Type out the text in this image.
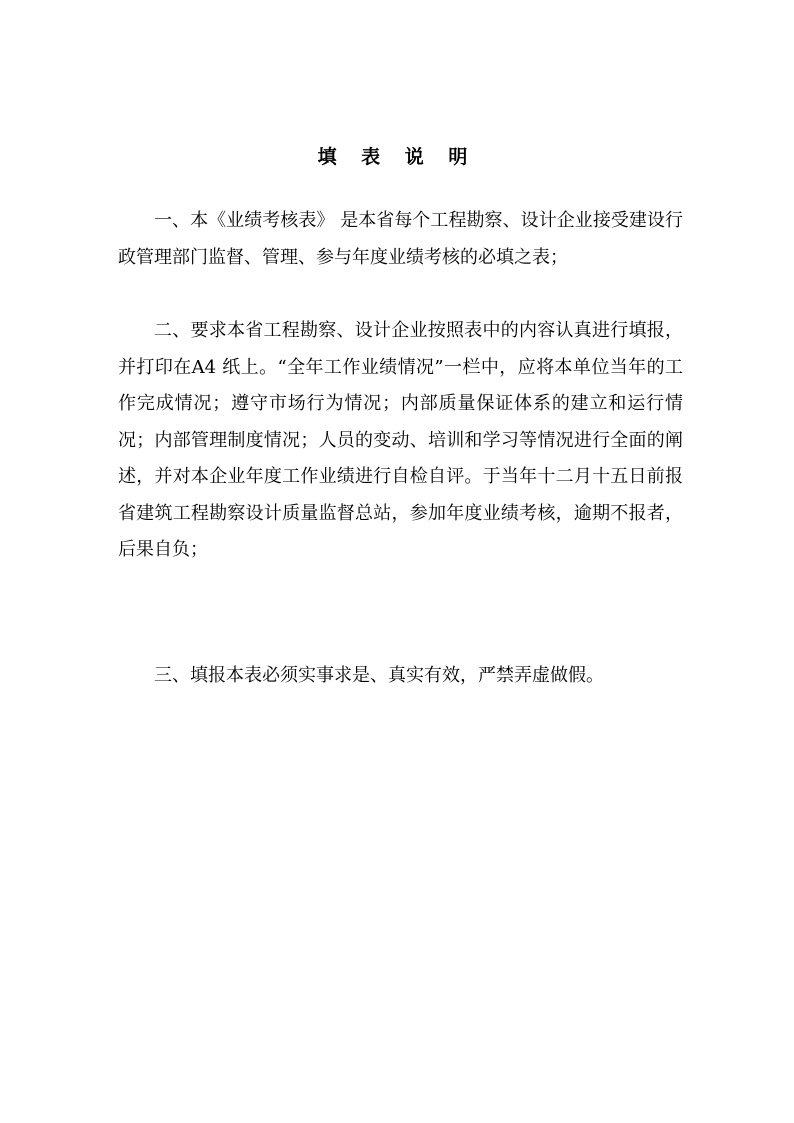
填 表 说 明

一、本《业绩考核表》 是本省每个工程勘察、设计企业接受建设行政管理部门监督、管理、参与年度业绩考核的必填之表；

二、要求本省工程勘察、设计企业按照表中的内容认真进行填报，并打印在A4 纸上。“全年工作业绩情况”一栏中，应将本单位当年的工作完成情况；遵守市场行为情况；内部质量保证体系的建立和运行情况；内部管理制度情况；人员的变动、培训和学习等情况进行全面的阐述，并对本企业年度工作业绩进行自检自评。于当年十二月十五日前报省建筑工程勘察设计质量监督总站，参加年度业绩考核，逾期不报者，后果自负；

三、填报本表必须实事求是、真实有效，严禁弄虚做假。
